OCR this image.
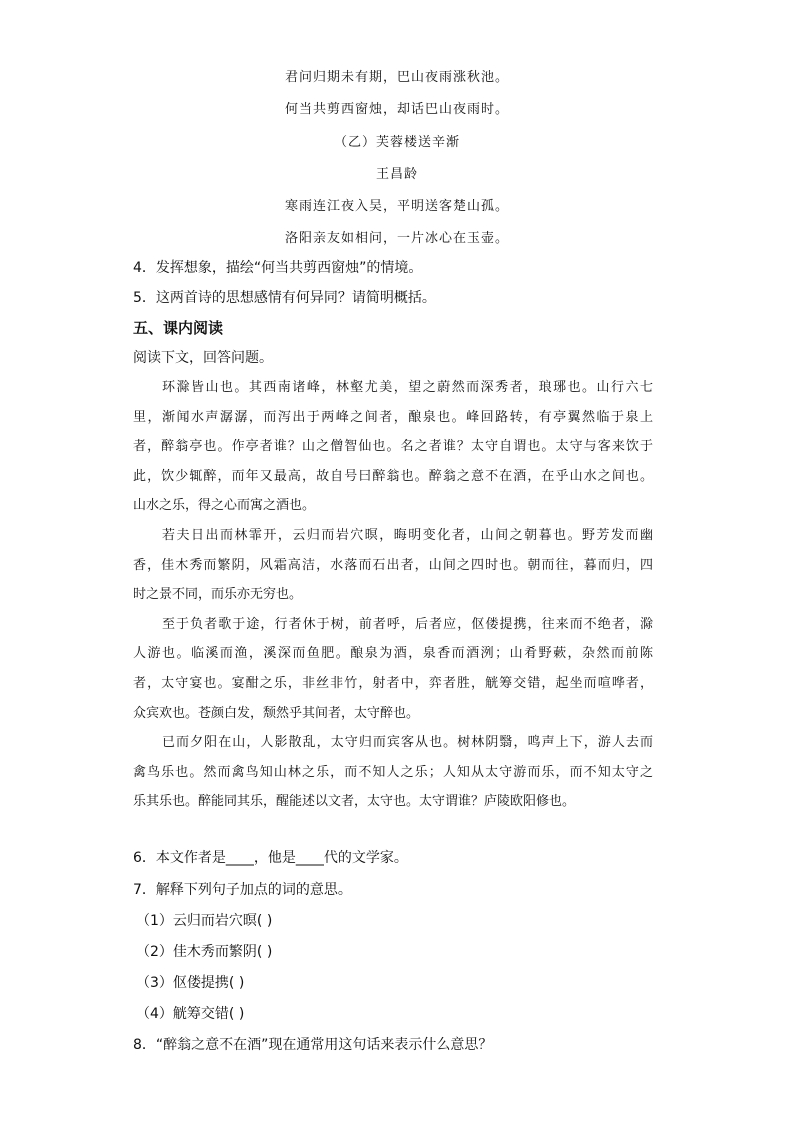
君问归期未有期，巴山夜雨涨秋池。
何当共剪西窗烛，却话巴山夜雨时。
（乙）芙蓉楼送辛渐
王昌龄
寒雨连江夜入吴，平明送客楚山孤。
洛阳亲友如相问，一片冰心在玉壶。
4．发挥想象，描绘“何当共剪西窗烛”的情境。
5．这两首诗的思想感情有何异同？请简明概括。
五、课内阅读
阅读下文，回答问题。
环滁皆山也。其西南诸峰，林壑尤美，望之蔚然而深秀者，琅琊也。山行六七
里，渐闻水声潺潺，而泻出于两峰之间者，酿泉也。峰回路转，有亭翼然临于泉上
者，醉翁亭也。作亭者谁？山之僧智仙也。名之者谁？太守自谓也。太守与客来饮于
此，饮少辄醉，而年又最高，故自号曰醉翁也。醉翁之意不在酒，在乎山水之间也。
山水之乐，得之心而寓之酒也。
若夫日出而林霏开，云归而岩穴暝，晦明变化者，山间之朝暮也。野芳发而幽
香，佳木秀而繁阴，风霜高洁，水落而石出者，山间之四时也。朝而往，暮而归，四
时之景不同，而乐亦无穷也。
至于负者歌于途，行者休于树，前者呼，后者应，伛偻提携，往来而不绝者，滁
人游也。临溪而渔，溪深而鱼肥。酿泉为酒，泉香而酒洌；山肴野蔌，杂然而前陈
者，太守宴也。宴酣之乐，非丝非竹，射者中，弈者胜，觥筹交错，起坐而喧哗者，
众宾欢也。苍颜白发，颓然乎其间者，太守醉也。
已而夕阳在山，人影散乱，太守归而宾客从也。树林阴翳，鸣声上下，游人去而
禽鸟乐也。然而禽鸟知山林之乐，而不知人之乐；人知从太守游而乐，而不知太守之
乐其乐也。醉能同其乐，醒能述以文者，太守也。太守谓谁？庐陵欧阳修也。
6．本文作者是____，他是____代的文学家。
7．解释下列句子加点的词的意思。
（1）云归而岩穴暝( )
（2）佳木秀而繁阴( )
（3）伛偻提携( )
（4）觥筹交错( )
8．“醉翁之意不在酒”现在通常用这句话来表示什么意思？
